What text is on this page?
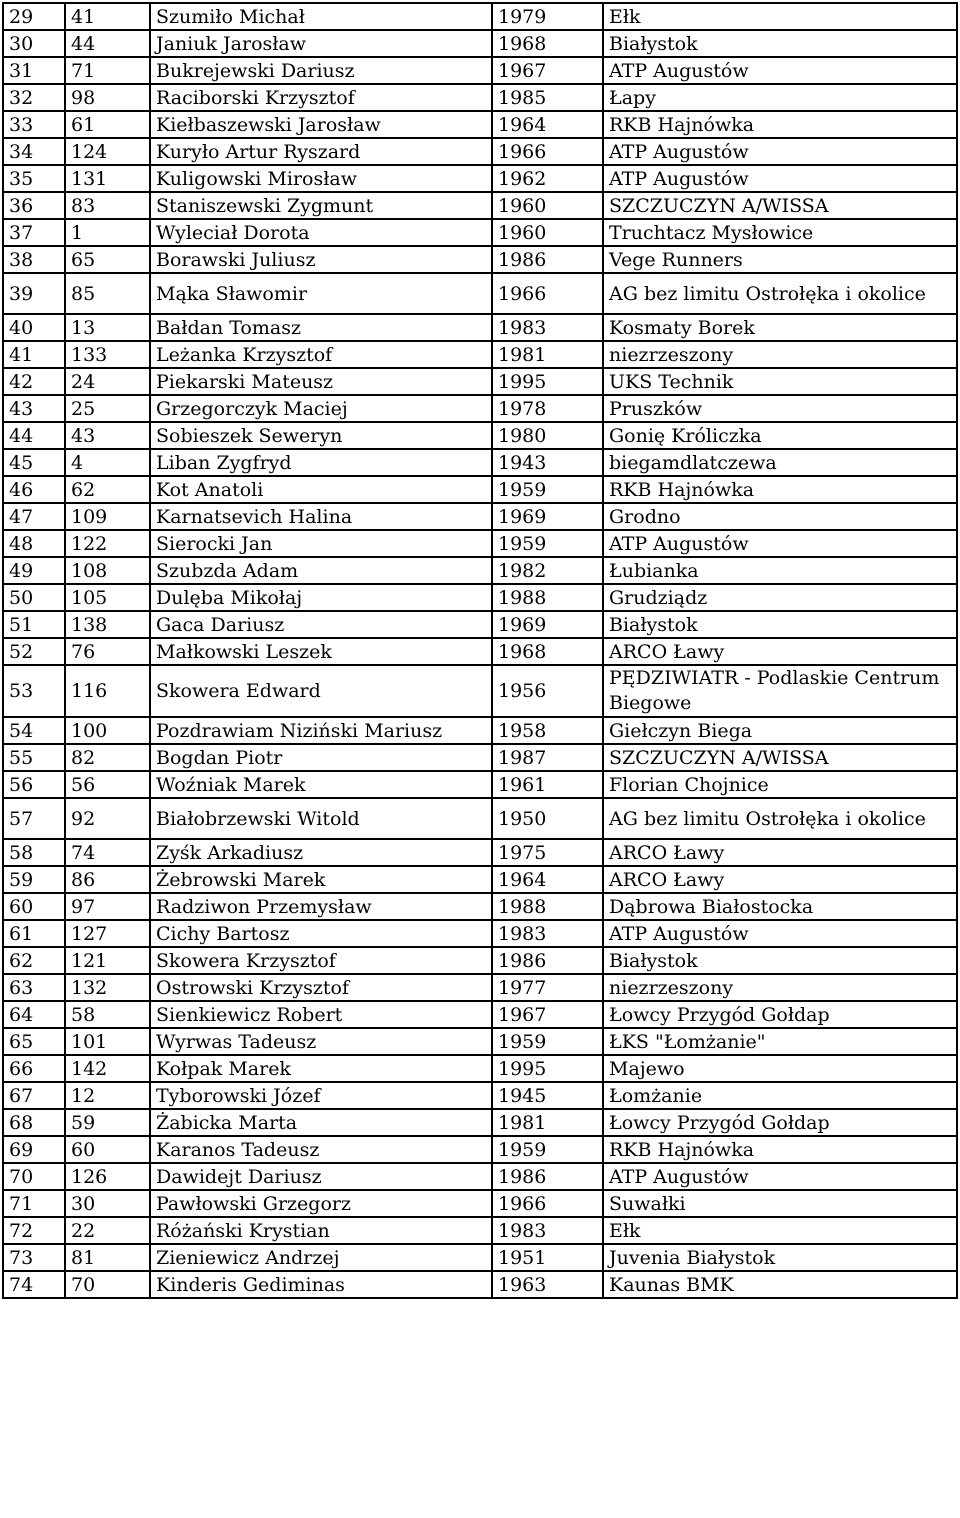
29	41	Szumiło Michał	1979	Ełk
30	44	Janiuk Jarosław	1968	Białystok
31	71	Bukrejewski Dariusz	1967	ATP Augustów
32	98	Raciborski Krzysztof	1985	Łapy
33	61	Kiełbaszewski Jarosław	1964	RKB Hajnówka
34	124	Kuryło Artur Ryszard	1966	ATP Augustów
35	131	Kuligowski Mirosław	1962	ATP Augustów
36	83	Staniszewski Zygmunt	1960	SZCZUCZYN A/WISSA
37	1	Wyleciał Dorota	1960	Truchtacz Mysłowice
38	65	Borawski Juliusz	1986	Vege Runners
39	85	Mąka Sławomir	1966	AG bez limitu Ostrołęka i okolice
40	13	Bałdan Tomasz	1983	Kosmaty Borek
41	133	Leżanka Krzysztof	1981	niezrzeszony
42	24	Piekarski Mateusz	1995	UKS Technik
43	25	Grzegorczyk Maciej	1978	Pruszków
44	43	Sobieszek Seweryn	1980	Gonię Króliczka
45	4	Liban Zygfryd	1943	biegamdlatczewa
46	62	Kot Anatoli	1959	RKB Hajnówka
47	109	Karnatsevich Halina	1969	Grodno
48	122	Sierocki Jan	1959	ATP Augustów
49	108	Szubzda Adam	1982	Łubianka
50	105	Dulęba Mikołaj	1988	Grudziądz
51	138	Gaca Dariusz	1969	Białystok
52	76	Małkowski Leszek	1968	ARCO Ławy
53	116	Skowera Edward	1956	PĘDZIWIATR - Podlaskie Centrum Biegowe
54	100	Pozdrawiam Niziński Mariusz	1958	Giełczyn Biega
55	82	Bogdan Piotr	1987	SZCZUCZYN A/WISSA
56	56	Woźniak Marek	1961	Florian Chojnice
57	92	Białobrzewski Witold	1950	AG bez limitu Ostrołęka i okolice
58	74	Zyśk Arkadiusz	1975	ARCO Ławy
59	86	Żebrowski Marek	1964	ARCO Ławy
60	97	Radziwon Przemysław	1988	Dąbrowa Białostocka
61	127	Cichy Bartosz	1983	ATP Augustów
62	121	Skowera Krzysztof	1986	Białystok
63	132	Ostrowski Krzysztof	1977	niezrzeszony
64	58	Sienkiewicz Robert	1967	Łowcy Przygód Gołdap
65	101	Wyrwas Tadeusz	1959	ŁKS "Łomżanie"
66	142	Kołpak Marek	1995	Majewo
67	12	Tyborowski Józef	1945	Łomżanie
68	59	Żabicka Marta	1981	Łowcy Przygód Gołdap
69	60	Karanos Tadeusz	1959	RKB Hajnówka
70	126	Dawidejt Dariusz	1986	ATP Augustów
71	30	Pawłowski Grzegorz	1966	Suwałki
72	22	Różański Krystian	1983	Ełk
73	81	Zieniewicz Andrzej	1951	Juvenia Białystok
74	70	Kinderis Gediminas	1963	Kaunas BMK
